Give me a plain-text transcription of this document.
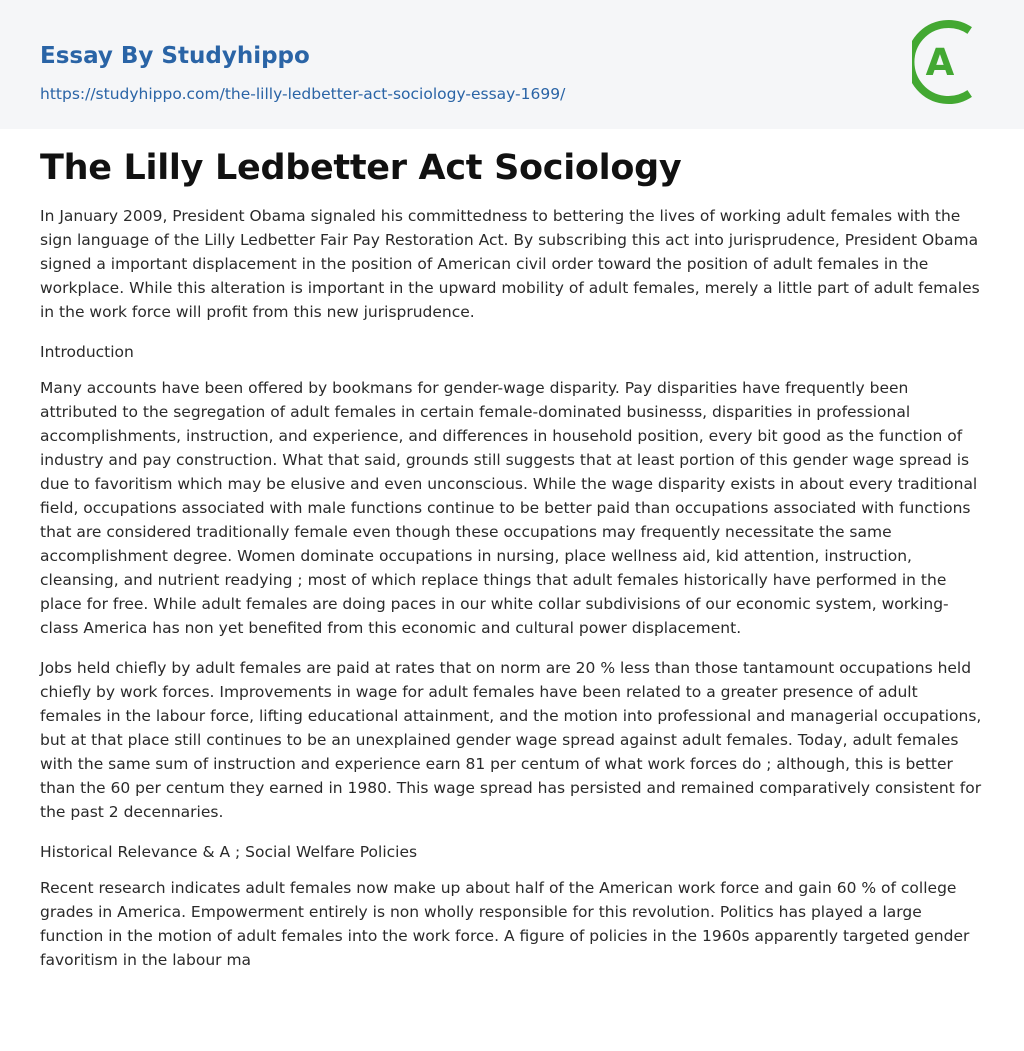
Essay By Studyhippo
https://studyhippo.com/the-lilly-ledbetter-act-sociology-essay-1699/
A
The Lilly Ledbetter Act Sociology

In January 2009, President Obama signaled his committedness to bettering the lives of working adult females with the sign language of the Lilly Ledbetter Fair Pay Restoration Act. By subscribing this act into jurisprudence, President Obama signed a important displacement in the position of American civil order toward the position of adult females in the workplace. While this alteration is important in the upward mobility of adult females, merely a little part of adult females in the work force will profit from this new jurisprudence.

Introduction

Many accounts have been offered by bookmans for gender-wage disparity. Pay disparities have frequently been attributed to the segregation of adult females in certain female-dominated businesss, disparities in professional accomplishments, instruction, and experience, and differences in household position, every bit good as the function of industry and pay construction. What that said, grounds still suggests that at least portion of this gender wage spread is due to favoritism which may be elusive and even unconscious. While the wage disparity exists in about every traditional field, occupations associated with male functions continue to be better paid than occupations associated with functions that are considered traditionally female even though these occupations may frequently necessitate the same accomplishment degree. Women dominate occupations in nursing, place wellness aid, kid attention, instruction, cleansing, and nutrient readying ; most of which replace things that adult females historically have performed in the place for free. While adult females are doing paces in our white collar subdivisions of our economic system, working-class America has non yet benefited from this economic and cultural power displacement.

Jobs held chiefly by adult females are paid at rates that on norm are 20 % less than those tantamount occupations held chiefly by work forces. Improvements in wage for adult females have been related to a greater presence of adult females in the labour force, lifting educational attainment, and the motion into professional and managerial occupations, but at that place still continues to be an unexplained gender wage spread against adult females. Today, adult females with the same sum of instruction and experience earn 81 per centum of what work forces do ; although, this is better than the 60 per centum they earned in 1980. This wage spread has persisted and remained comparatively consistent for the past 2 decennaries.

Historical Relevance & A ; Social Welfare Policies

Recent research indicates adult females now make up about half of the American work force and gain 60 % of college grades in America. Empowerment entirely is non wholly responsible for this revolution. Politics has played a large function in the motion of adult females into the work force. A figure of policies in the 1960s apparently targeted gender favoritism in the labour ma
